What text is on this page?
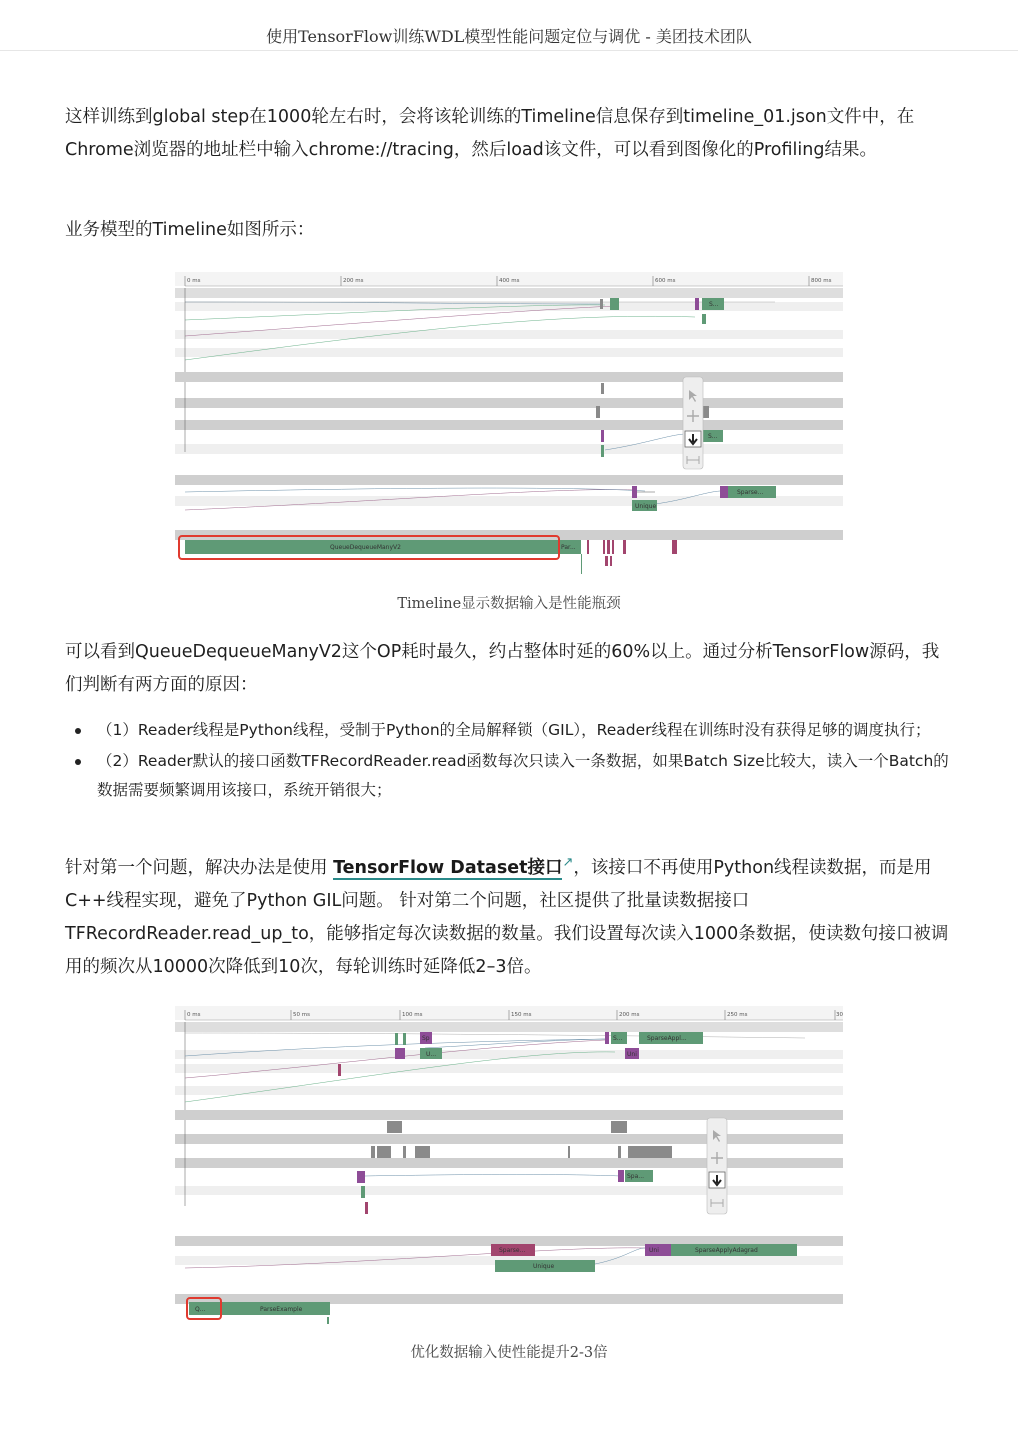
使用TensorFlow训练WDL模型性能问题定位与调优 - 美团技术团队

这样训练到global step在1000轮左右时，会将该轮训练的Timeline信息保存到timeline_01.json文件中，在Chrome浏览器的地址栏中输入chrome://tracing，然后load该文件，可以看到图像化的Profiling结果。

业务模型的Timeline如图所示：

0 ms	200 ms	400 ms	600 ms	800 ms
S...
S...
Unique
Sparse...
QueueDequeueManyV2	Par...
Timeline显示数据输入是性能瓶颈

可以看到QueueDequeueManyV2这个OP耗时最久，约占整体时延的60%以上。通过分析TensorFlow源码，我们判断有两方面的原因：

（1）Reader线程是Python线程，受制于Python的全局解释锁（GIL），Reader线程在训练时没有获得足够的调度执行；
（2）Reader默认的接口函数TFRecordReader.read函数每次只读入一条数据，如果Batch Size比较大，读入一个Batch的数据需要频繁调用该接口，系统开销很大；

针对第一个问题，解决办法是使用 TensorFlow Dataset接口↗，该接口不再使用Python线程读数据，而是用C++线程实现，避免了Python GIL问题。 针对第二个问题，社区提供了批量读数据接口TFRecordReader.read_up_to，能够指定每次读数据的数量。我们设置每次读入1000条数据，使读数句接口被调用的频次从10000次降低到10次，每轮训练时延降低2–3倍。

0 ms	50 ms	100 ms	150 ms	200 ms	250 ms	30
Sp
U...
S...	SparseAppl...
Uni
Spa...
Sparse...
Unique
Uni	SparseApplyAdagrad
Q...	ParseExample
优化数据输入使性能提升2-3倍
